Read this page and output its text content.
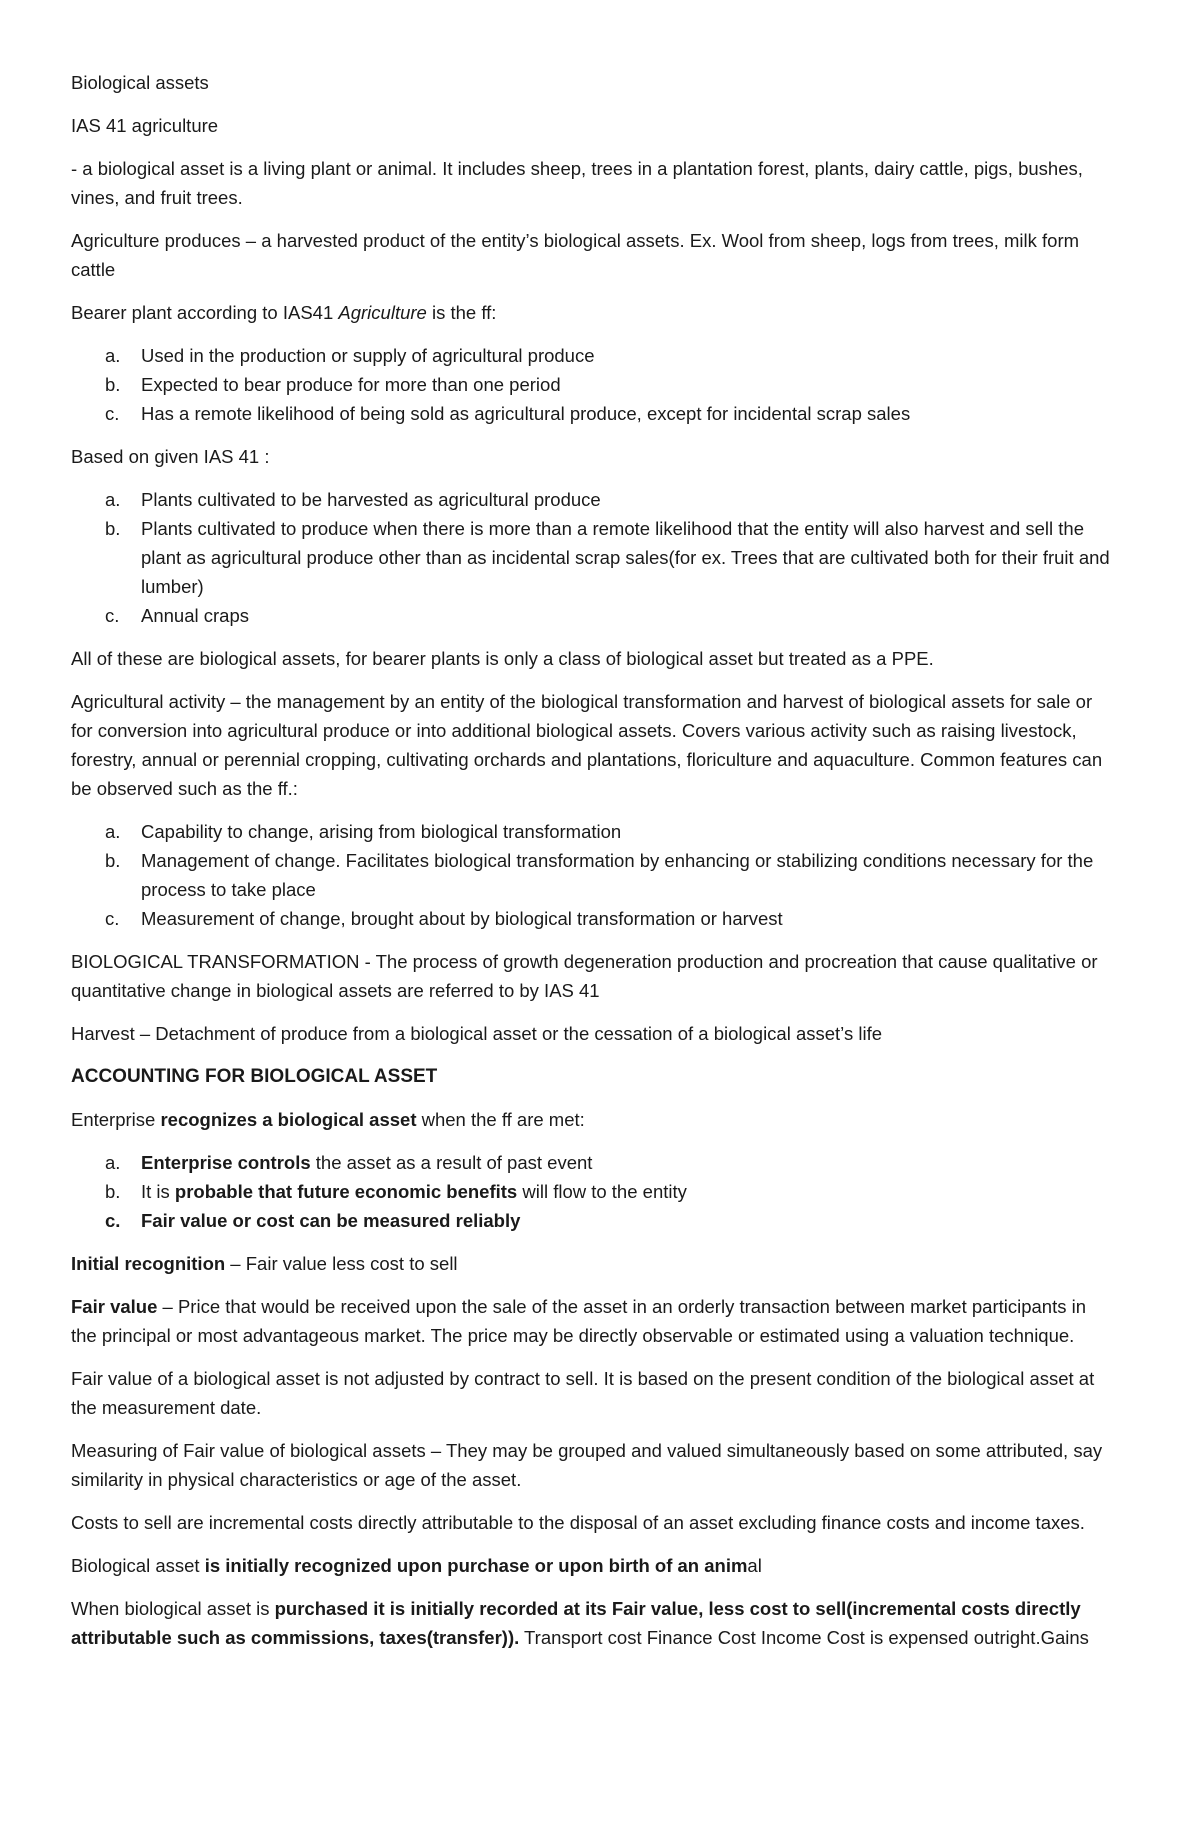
Biological assets

IAS 41 agriculture

- a biological asset is a living plant or animal. It includes sheep, trees in a plantation forest, plants, dairy cattle, pigs, bushes, vines, and fruit trees.

Agriculture produces – a harvested product of the entity’s biological assets. Ex. Wool from sheep, logs from trees, milk form cattle

Bearer plant according to IAS41 Agriculture is the ff:

a.	Used in the production or supply of agricultural produce
b.	Expected to bear produce for more than one period
c.	Has a remote likelihood of being sold as agricultural produce, except for incidental scrap sales

Based on given IAS 41 :

a.	Plants cultivated to be harvested as agricultural produce
b.	Plants cultivated to produce when there is more than a remote likelihood that the entity will also harvest and sell the plant as agricultural produce other than as incidental scrap sales(for ex. Trees that are cultivated both for their fruit and lumber)
c.	Annual craps

All of these are biological assets, for bearer plants is only a class of biological asset but treated as a PPE.

Agricultural activity – the management by an entity of the biological transformation and harvest of biological assets for sale or for conversion into agricultural produce or into additional biological assets. Covers various activity such as raising livestock, forestry, annual or perennial cropping, cultivating orchards and plantations, floriculture and aquaculture. Common features can be observed such as the ff.:

a.	Capability to change, arising from biological transformation
b.	Management of change. Facilitates biological transformation by enhancing or stabilizing conditions necessary for the process to take place
c.	Measurement of change, brought about by biological transformation or harvest

BIOLOGICAL TRANSFORMATION - The process of growth degeneration production and procreation that cause qualitative or quantitative change in biological assets are referred to by IAS 41

Harvest – Detachment of produce from a biological asset or the cessation of a biological asset’s life

ACCOUNTING FOR BIOLOGICAL ASSET

Enterprise recognizes a biological asset when the ff are met:

a.	Enterprise controls the asset as a result of past event
b.	It is probable that future economic benefits will flow to the entity
c.	Fair value or cost can be measured reliably

Initial recognition – Fair value less cost to sell

Fair value – Price that would be received upon the sale of the asset in an orderly transaction between market participants in the principal or most advantageous market. The price may be directly observable or estimated using a valuation technique.

Fair value of a biological asset is not adjusted by contract to sell. It is based on the present condition of the biological asset at the measurement date.

Measuring of Fair value of biological assets – They may be grouped and valued simultaneously based on some attributed, say similarity in physical characteristics or age of the asset.

Costs to sell are incremental costs directly attributable to the disposal of an asset excluding finance costs and income taxes.

Biological asset is initially recognized upon purchase or upon birth of an animal

When biological asset is purchased it is initially recorded at its Fair value, less cost to sell(incremental costs directly attributable such as commissions, taxes(transfer)). Transport cost Finance Cost Income Cost is expensed outright.Gains
